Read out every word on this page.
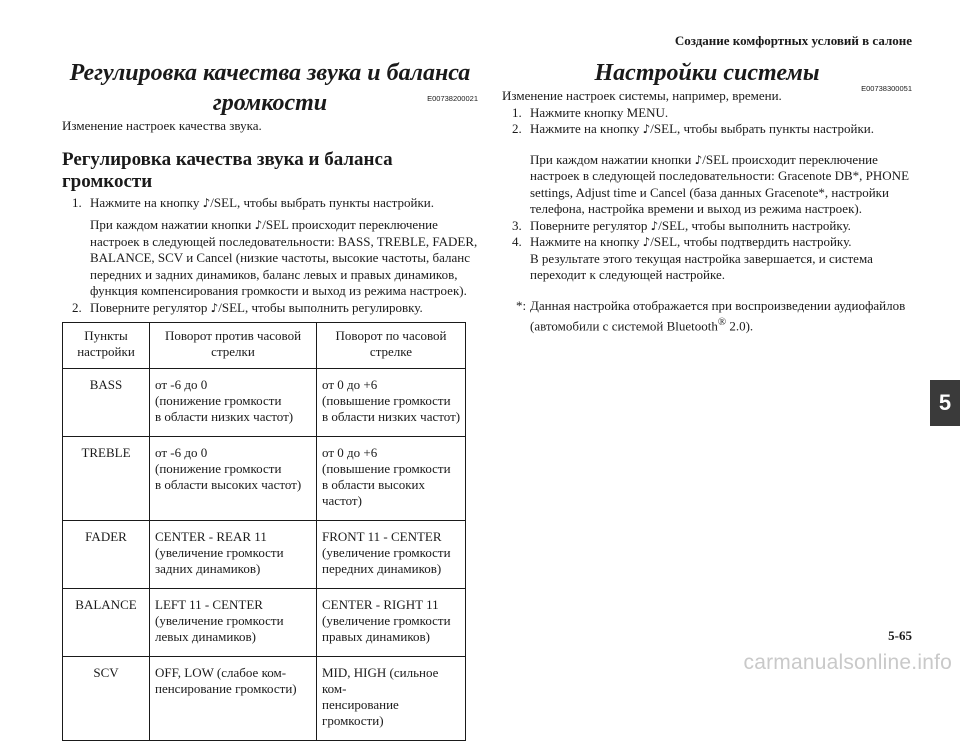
Создание комфортных условий в салоне
Регулировка качества звука и баланса

громкости	E00738200021

Изменение настроек качества звука.

Регулировка качества звука и баланса громкости
1. Нажмите на кнопку ♪/SEL, чтобы выбрать пункты настройки.
При каждом нажатии кнопки ♪/SEL происходит переключение настроек в следующей последовательности: BASS, TREBLE, FADER, BALANCE, SCV и Cancel (низкие частоты, высокие частоты, баланс передних и задних динамиков, баланс левых и правых динамиков, функция компенсирования громкости и выход из режима настроек).
2. Поверните регулятор ♪/SEL, чтобы выполнить регулировку.
Пункты настройки	Поворот против часовой стрелки	Поворот по часовой стрелке
BASS	от -6 до 0
(понижение громкости
в области низких частот)	от 0 до +6
(повышение громкости
в области низких частот)
TREBLE	от -6 до 0
(понижение громкости
в области высоких частот)	от 0 до +6
(повышение громкости
в области высоких частот)
FADER	CENTER - REAR 11
(увеличение громкости
задних динамиков)	FRONT 11 - CENTER
(увеличение громкости
передних динамиков)
BALANCE	LEFT 11 - CENTER
(увеличение громкости
левых динамиков)	CENTER - RIGHT 11
(увеличение громкости
правых динамиков)
SCV	OFF, LOW (слабое ком-
пенсирование громкости)	MID, HIGH (сильное ком-
пенсирование громкости)
Настройки системы
E00738300051

Изменение настроек системы, например, времени.

1. Нажмите кнопку MENU.
2. Нажмите на кнопку ♪/SEL, чтобы выбрать пункты настройки.
При каждом нажатии кнопки ♪/SEL происходит переключение настроек в следующей последовательности: Gracenote DB*, PHONE settings, Adjust time и Cancel (база данных Gracenote*, настройки телефона, настройка времени и выход из режима настроек).
3. Поверните регулятор ♪/SEL, чтобы выполнить настройку.
4. Нажмите на кнопку ♪/SEL, чтобы подтвердить настройку.
В результате этого текущая настройка завершается, и система переходит к следующей настройке.
*: Данная настройка отображается при воспроизведении аудиофайлов (автомобили с системой Bluetooth® 2.0).
5
5-65
carmanualsonline.info
